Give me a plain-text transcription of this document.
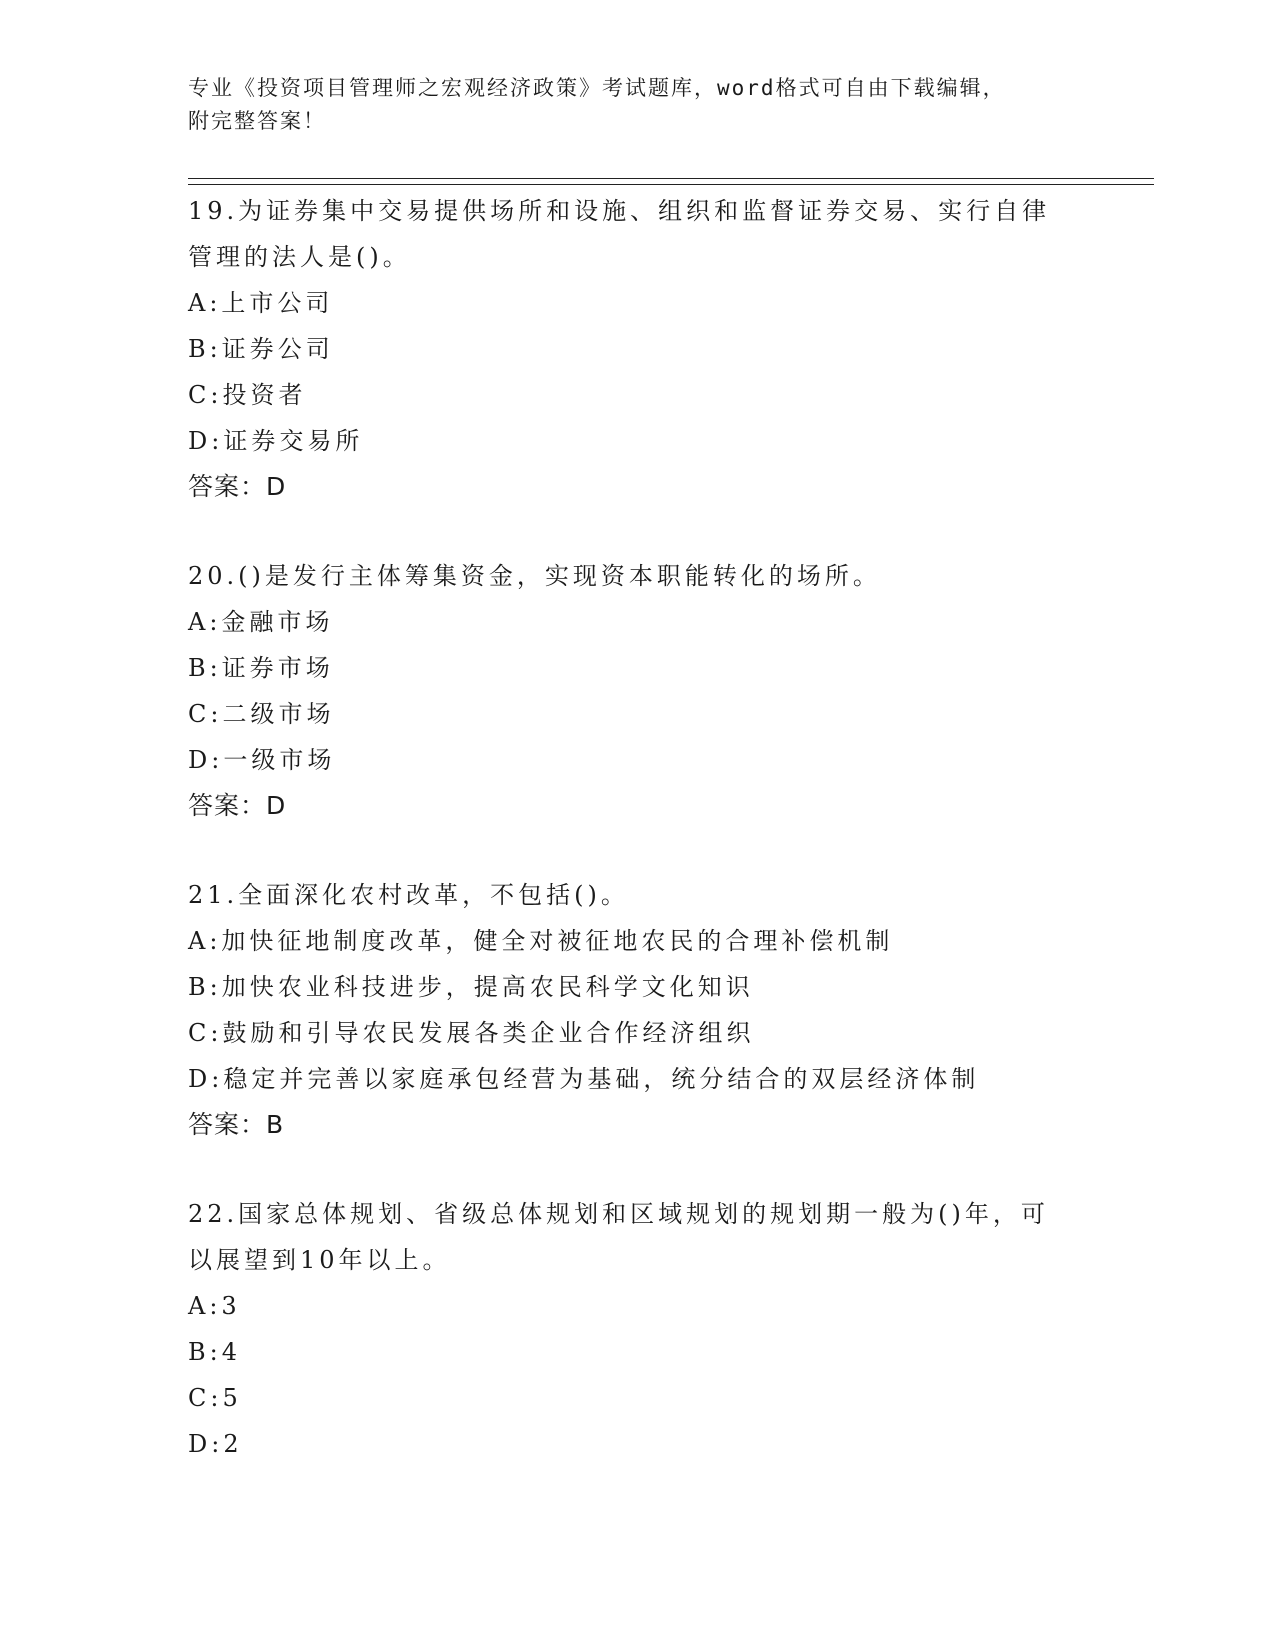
专业《投资项目管理师之宏观经济政策》考试题库，word格式可自由下载编辑，
附完整答案！

19.为证券集中交易提供场所和设施、组织和监督证券交易、实行自律

管理的法人是()。

A:上市公司

B:证券公司

C:投资者

D:证券交易所

答案：D

20.()是发行主体筹集资金，实现资本职能转化的场所。

A:金融市场

B:证券市场

C:二级市场

D:一级市场

答案：D

21.全面深化农村改革，不包括()。

A:加快征地制度改革，健全对被征地农民的合理补偿机制

B:加快农业科技进步，提高农民科学文化知识

C:鼓励和引导农民发展各类企业合作经济组织

D:稳定并完善以家庭承包经营为基础，统分结合的双层经济体制

答案：B

22.国家总体规划、省级总体规划和区域规划的规划期一般为()年，可

以展望到10年以上。

A:3

B:4

C:5

D:2
